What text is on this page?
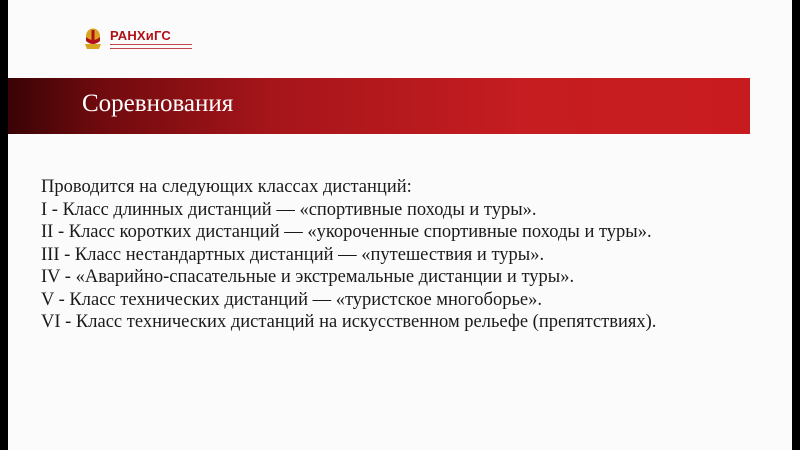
РАНХиГС
Соревнования
Проводится на следующих классах дистанций:
I - Класс длинных дистанций — «спортивные походы и туры».
II - Класс коротких дистанций — «укороченные спортивные походы и туры».
III - Класс нестандартных дистанций — «путешествия и туры».
IV - «Аварийно-спасательные и экстремальные дистанции и туры».
V - Класс технических дистанций — «туристское многоборье».
VI - Класс технических дистанций на искусственном рельефе (препятствиях).
